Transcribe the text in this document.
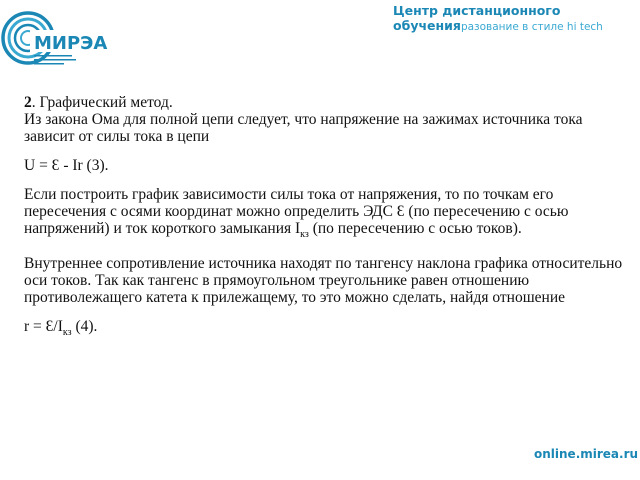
МИРЭА
Центр дистанционного
обученияразование в стиле hi tech

2. Графический метод.

Из закона Ома для полной цепи следует, что напряжение на зажимах источника тока зависит от силы тока в цепи

U = Ɛ - Ir (3).

Если построить график зависимости силы тока от напряжения, то по точкам его пересечения с осями координат можно определить ЭДС Ɛ (по пересечению с осью напряжений) и ток короткого замыкания $I_{кз}$ (по пересечению с осью токов).

Внутреннее сопротивление источника находят по тангенсу наклона графика относительно оси токов. Так как тангенс в прямоугольном треугольнике равен отношению противолежащего катета к прилежащему, то это можно сделать, найдя отношение

$r = Ɛ/I_{кз}$ (4).

online.mirea.ru
